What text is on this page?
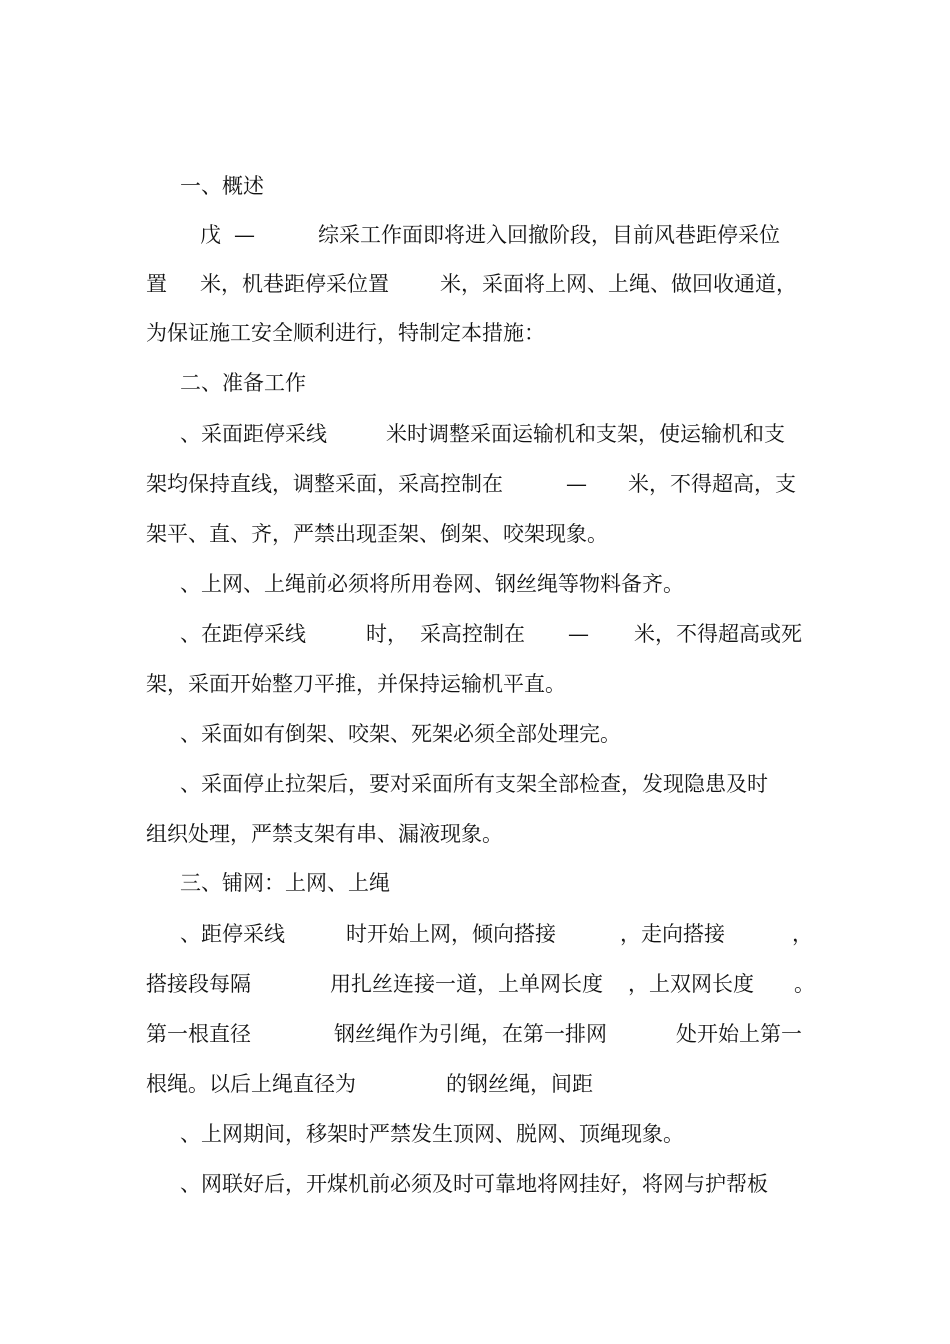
一、概述

戊

—

	综采工作面即将进入回撤阶段，目前风巷距停采位

置

米，机巷距停采位置

米，采面将上网、上绳、做回收通道，

为保证施工安全顺利进行，特制定本措施：

二、准备工作

、采面距停采线

	米时调整采面运输机和支架，使运输机和支

架均保持直线，调整采面，采高控制在

	—

米，不得超高，支

架平、直、齐，严禁出现歪架、倒架、咬架现象。

、上网、上绳前必须将所用卷网、钢丝绳等物料备齐。

、在距停采线

	时，

采高控制在

—

米，不得超高或死

架，采面开始整刀平推，并保持运输机平直。

、采面如有倒架、咬架、死架必须全部处理完。

、采面停止拉架后，要对采面所有支架全部检查，发现隐患及时

组织处理，严禁支架有串、漏液现象。

三、铺网：上网、上绳

、距停采线

	时开始上网，倾向搭接

	，走向搭接

	，

搭接段每隔

	用扎丝连接一道，上单网长度

，上双网长度

。

第一根直径

	钢丝绳作为引绳，在第一排网

	处开始上第一

根绳。以后上绳直径为

	的钢丝绳，间距

、上网期间，移架时严禁发生顶网、脱网、顶绳现象。

、网联好后，开煤机前必须及时可靠地将网挂好，将网与护帮板
